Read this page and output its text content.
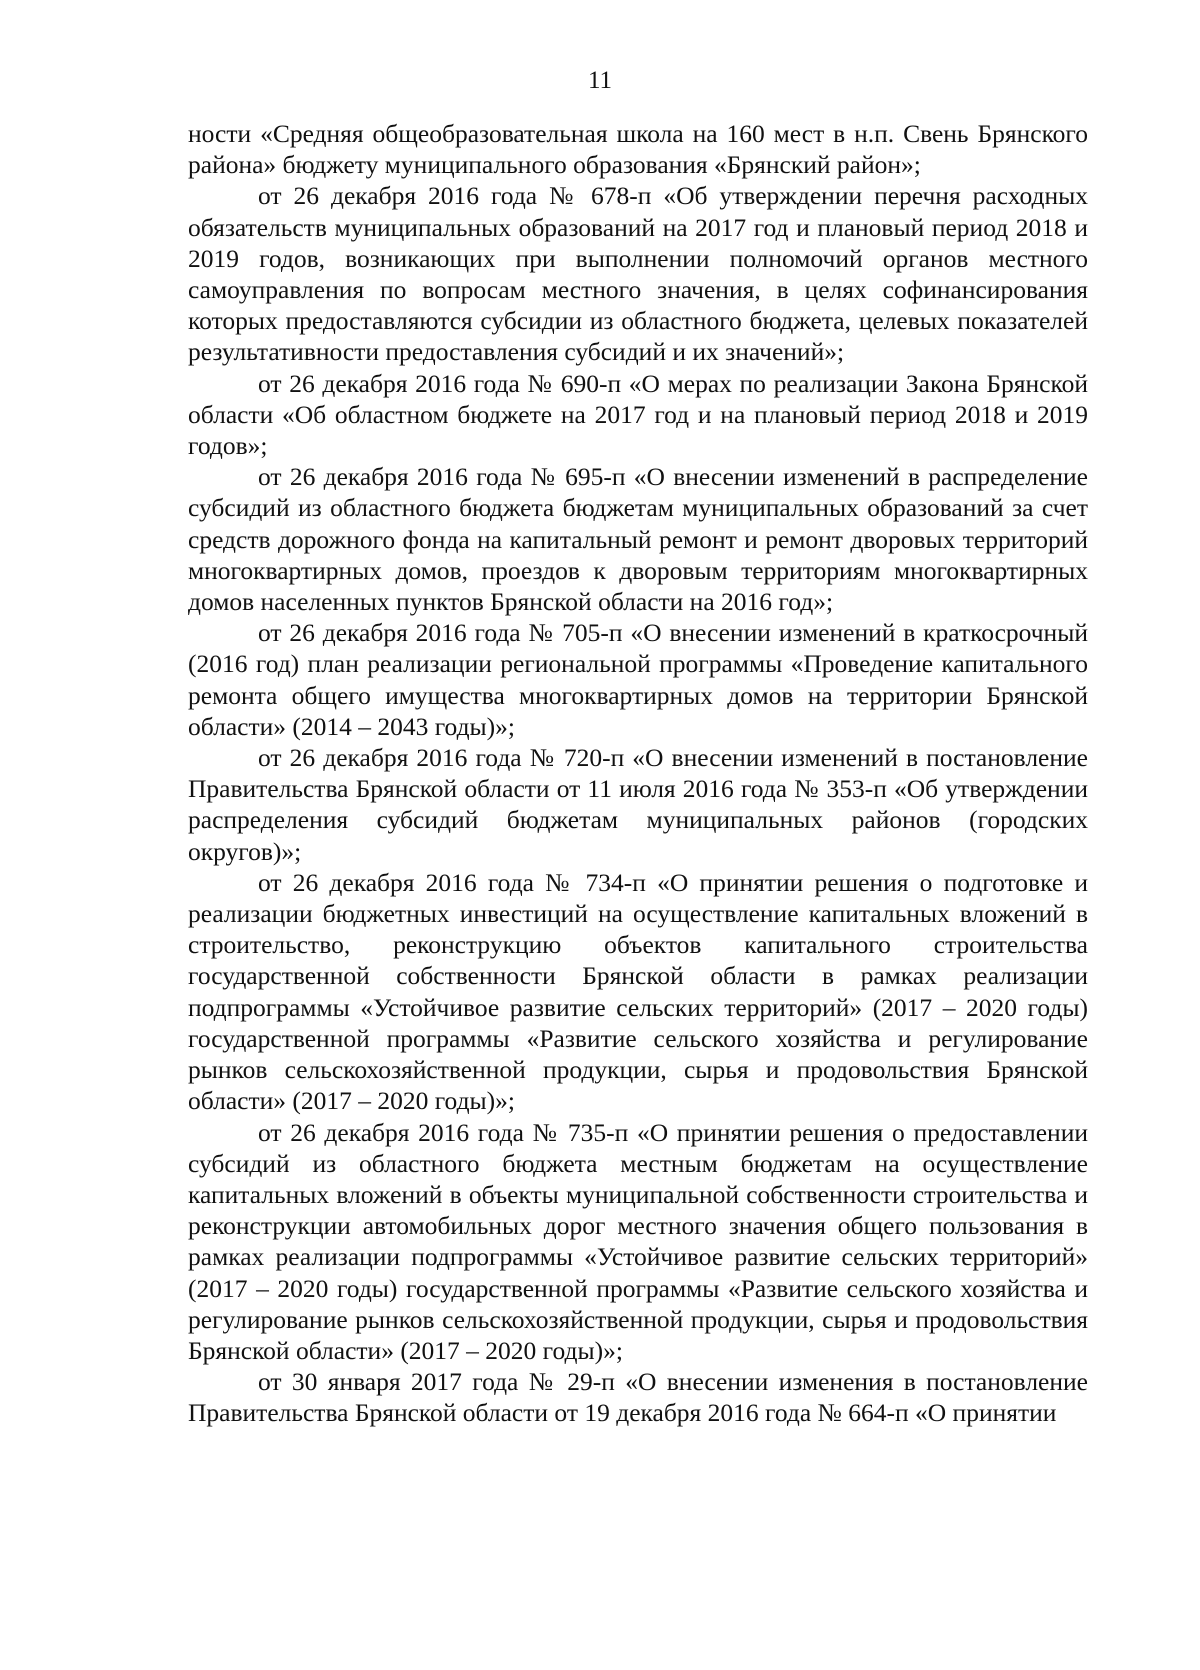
11

ности «Средняя общеобразовательная школа на 160 мест в н.п. Свень Брянского района» бюджету муниципального образования «Брянский район»;

от 26 декабря 2016 года № 678-п «Об утверждении перечня расходных обязательств муниципальных образований на 2017 год и плановый период 2018 и 2019 годов, возникающих при выполнении полномочий органов местного самоуправления по вопросам местного значения, в целях софинансирования которых предоставляются субсидии из областного бюджета, целевых показателей результативности предоставления субсидий и их значений»;

от 26 декабря 2016 года № 690-п «О мерах по реализации Закона Брянской области «Об областном бюджете на 2017 год и на плановый период 2018 и 2019 годов»;

от 26 декабря 2016 года № 695-п «О внесении изменений в распределение субсидий из областного бюджета бюджетам муниципальных образований за счет средств дорожного фонда на капитальный ремонт и ремонт дворовых территорий многоквартирных домов, проездов к дворовым территориям многоквартирных домов населенных пунктов Брянской области на 2016 год»;

от 26 декабря 2016 года № 705-п «О внесении изменений в краткосрочный (2016 год) план реализации региональной программы «Проведение капитального ремонта общего имущества многоквартирных домов на территории Брянской области» (2014 – 2043 годы)»;

от 26 декабря 2016 года № 720-п «О внесении изменений в постановление Правительства Брянской области от 11 июля 2016 года № 353-п «Об утверждении распределения субсидий бюджетам муниципальных районов (городских округов)»;

от 26 декабря 2016 года № 734-п «О принятии решения о подготовке и реализации бюджетных инвестиций на осуществление капитальных вложений в строительство, реконструкцию объектов капитального строительства государственной собственности Брянской области в рамках реализации подпрограммы «Устойчивое развитие сельских территорий» (2017 – 2020 годы) государственной программы «Развитие сельского хозяйства и регулирование рынков сельскохозяйственной продукции, сырья и продовольствия Брянской области» (2017 – 2020 годы)»;

от 26 декабря 2016 года № 735-п «О принятии решения о предоставлении субсидий из областного бюджета местным бюджетам на осуществление капитальных вложений в объекты муниципальной собственности строительства и реконструкции автомобильных дорог местного значения общего пользования в рамках реализации подпрограммы «Устойчивое развитие сельских территорий» (2017 – 2020 годы) государственной программы «Развитие сельского хозяйства и регулирование рынков сельскохозяйственной продукции, сырья и продовольствия Брянской области» (2017 – 2020 годы)»;

от 30 января 2017 года № 29-п «О внесении изменения в постановление Правительства Брянской области от 19 декабря 2016 года № 664-п «О принятии
